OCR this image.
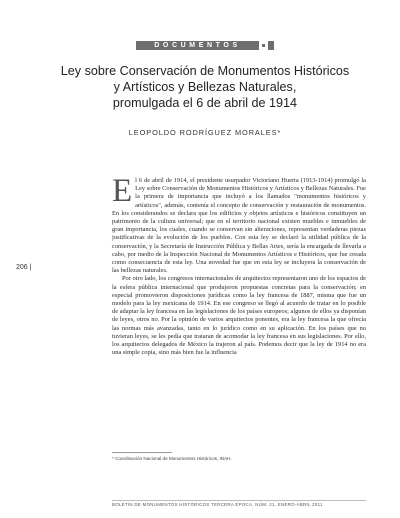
DOCUMENTOS
Ley sobre Conservación de Monumentos Históricos
y Artísticos y Bellezas Naturales,
promulgada el 6 de abril de 1914
LEOPOLDO RODRÍGUEZ MORALES*
206 |
E l 6 de abril de 1914, el presidente usurpador Victoriano Huerta (1913-1914) promulgó la Ley sobre Conservación de Monumentos Históricos y Artísticos y Bellezas Naturales. Fue la primera de importancia que incluyó a los llamados "monumentos históricos y artísticos", además, contenía el concepto de conservación y restauración de monumentos. En los considerandos se declara que los edificios y objetos artísticos e históricos constituyen un patrimonio de la cultura universal; que en el territorio nacional existen muebles e inmuebles de gran importancia, los cuales, cuando se conservan sin alteraciones, representan verdaderas piezas justificativas de la evolución de los pueblos. Con esta ley se declaró la utilidad pública de la conservación, y la Secretaría de Instrucción Pública y Bellas Artes, sería la encargada de llevarla a cabo, por medio de la Inspección Nacional de Monumentos Artísticos e Históricos, que fue creada como consecuencia de esta ley. Una novedad fue que en esta ley se incluyera la conservación de las bellezas naturales.

Por otro lado, los congresos internacionales de arquitectos representaron uno de los espacios de la esfera pública internacional que produjeron propuestas concretas para la conservación; en especial promovieron disposiciones jurídicas como la ley francesa de 1887, misma que fue un modelo para la ley mexicana de 1914. En ese congreso se llegó al acuerdo de tratar en lo posible de adaptar la ley francesa en las legislaciones de los países europeos; algunos de ellos ya disponían de leyes, otros no. Por la opinión de varios arquitectos ponentes, era la ley francesa la que ofrecía las normas más avanzadas, tanto en lo jurídico como en su aplicación. En los países que no tuvieran leyes, se les pedía que trataran de acomodar la ley francesa en sus legislaciones. Por ello, los arquitectos delegados de México la trajeron al país. Podemos decir que la ley de 1914 no era una simple copia, sino más bien fue la influencia

* Coordinación Nacional de Monumentos Históricos, INAH.
BOLETÍN DE MONUMENTOS HISTÓRICOS TERCERA ÉPOCA, NÚM. 21, ENERO-ABRIL 2011
